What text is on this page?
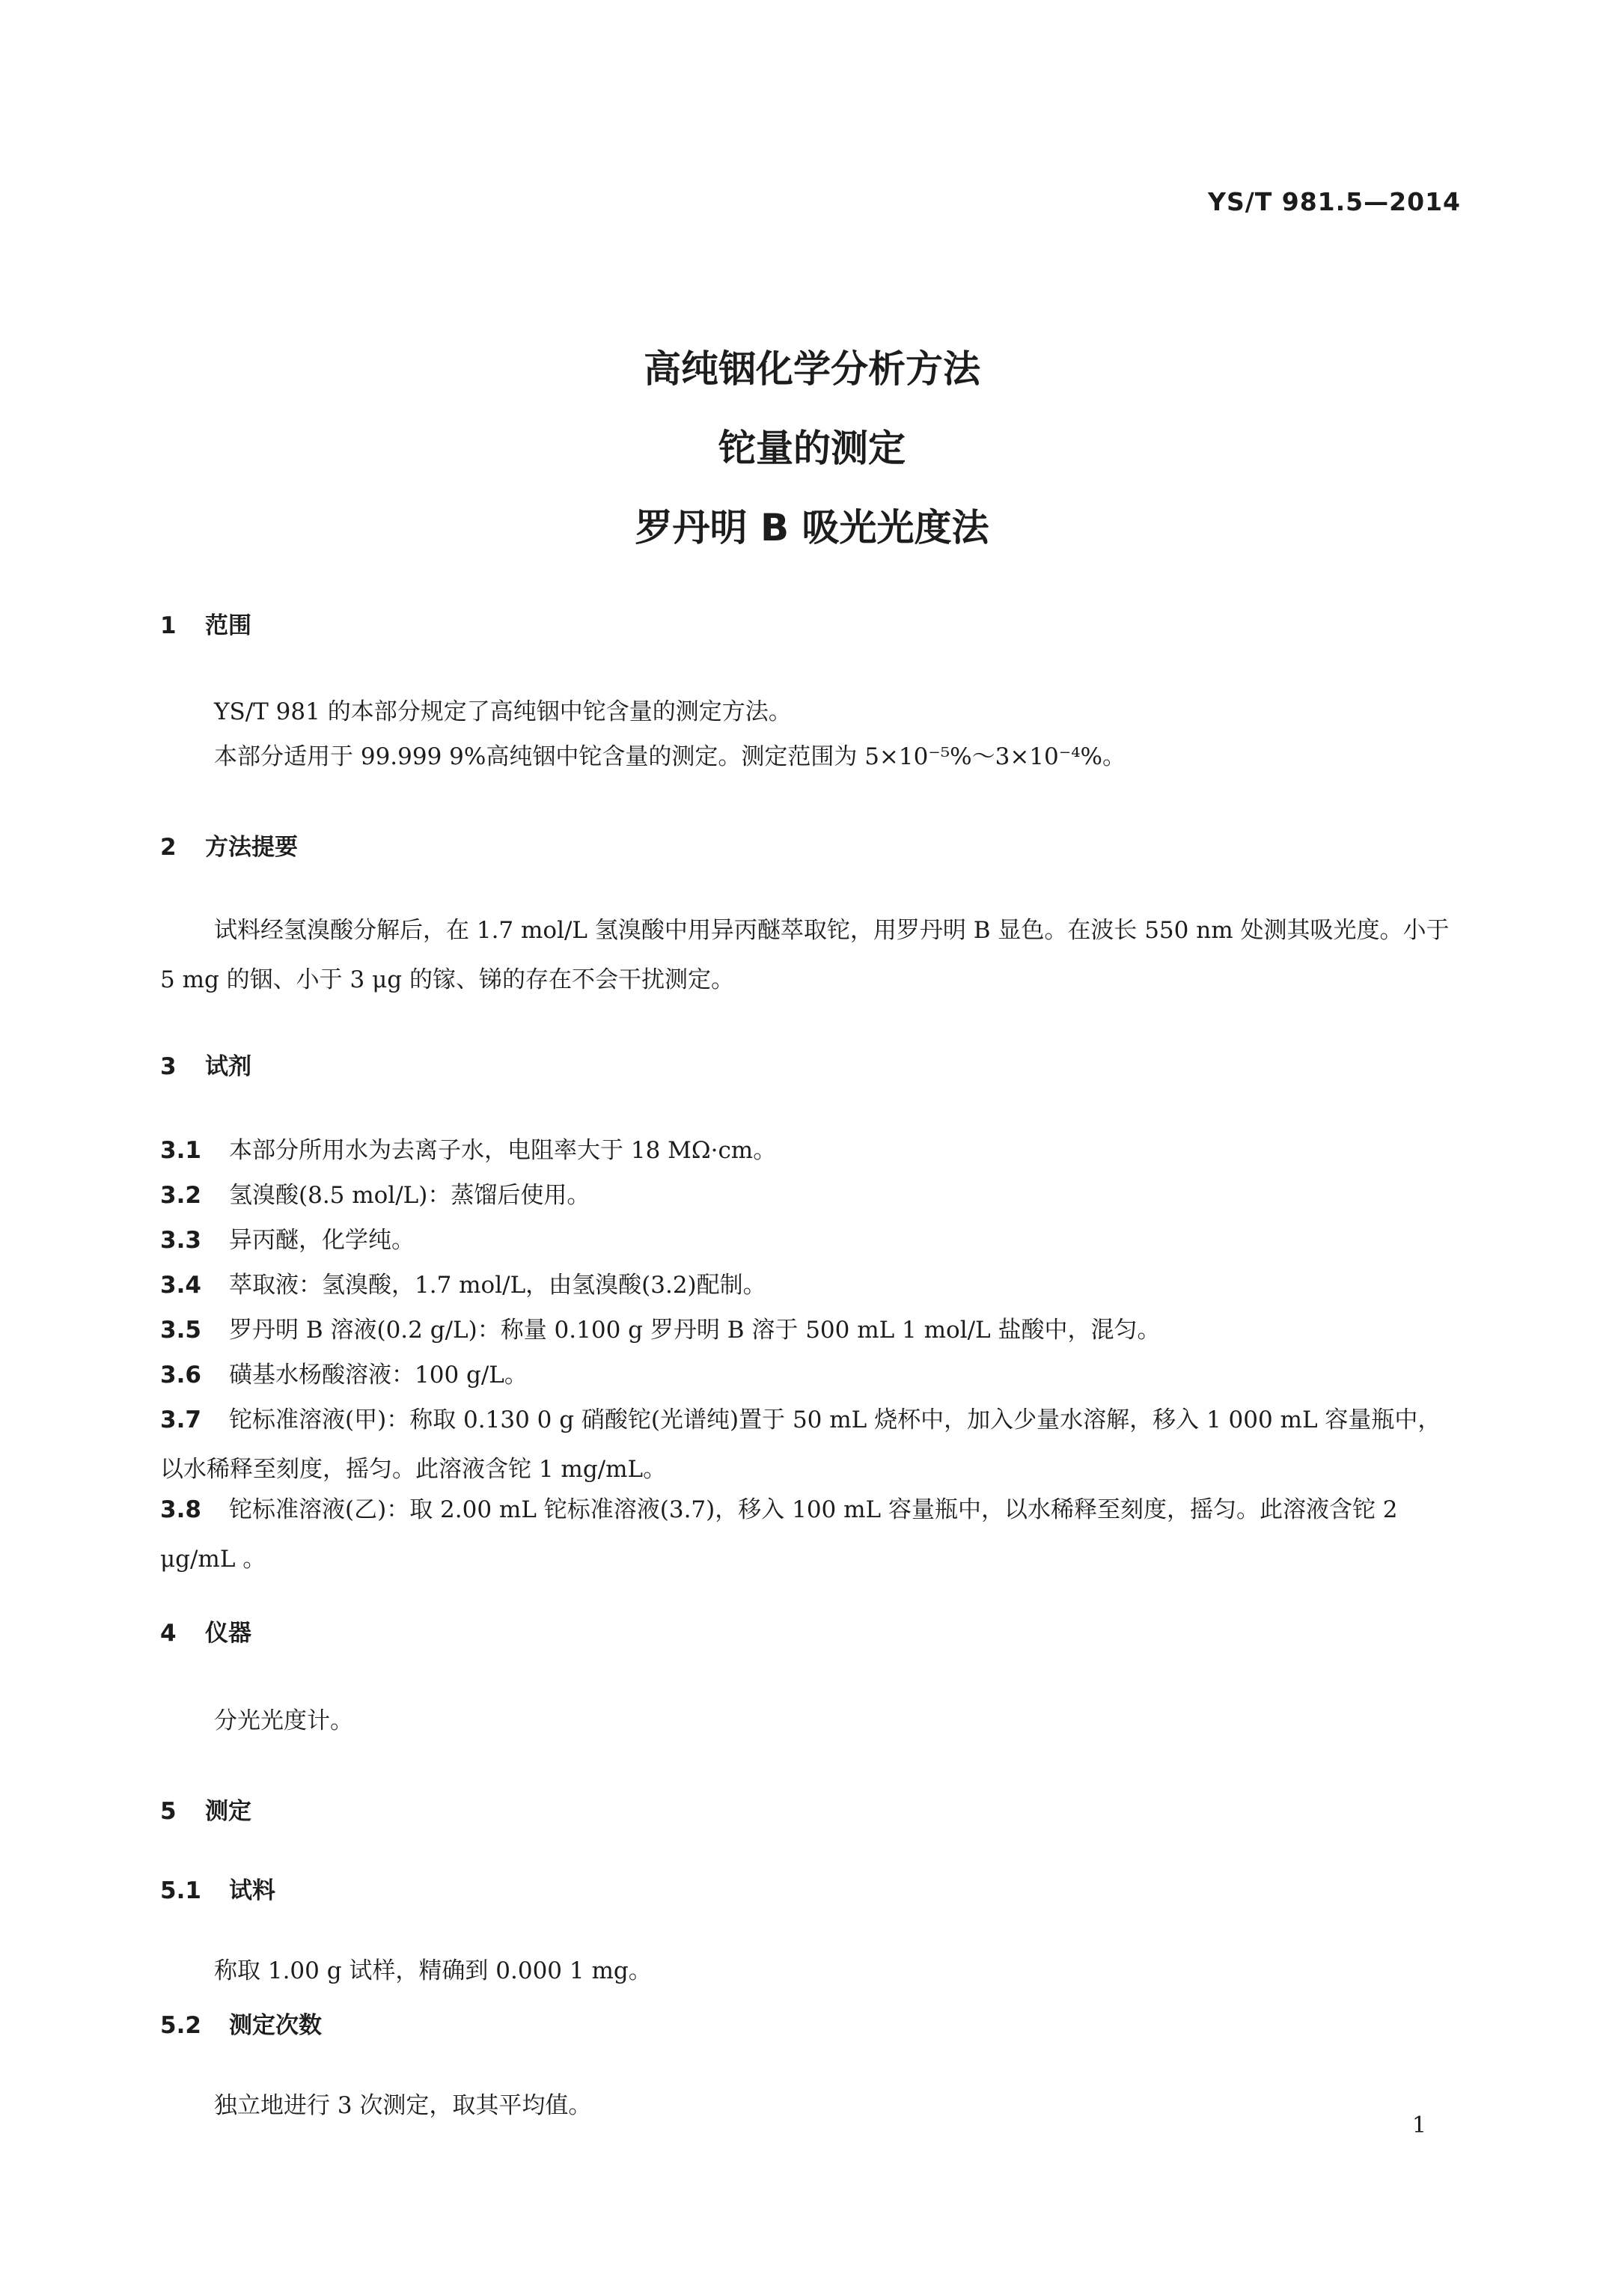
YS/T 981.5—2014
高纯铟化学分析方法
铊量的测定
罗丹明 B 吸光光度法
1 范围
YS/T 981 的本部分规定了高纯铟中铊含量的测定方法。
本部分适用于 99.999 9%高纯铟中铊含量的测定。测定范围为 5×10⁻⁵%～3×10⁻⁴%。
2 方法提要
试料经氢溴酸分解后，在 1.7 mol/L 氢溴酸中用异丙醚萃取铊，用罗丹明 B 显色。在波长 550 nm 处测其吸光度。小于 5 mg 的铟、小于 3 μg 的镓、锑的存在不会干扰测定。
3 试剂
3.1 本部分所用水为去离子水，电阻率大于 18 MΩ·cm。
3.2 氢溴酸(8.5 mol/L)：蒸馏后使用。
3.3 异丙醚，化学纯。
3.4 萃取液：氢溴酸，1.7 mol/L，由氢溴酸(3.2)配制。
3.5 罗丹明 B 溶液(0.2 g/L)：称量 0.100 g 罗丹明 B 溶于 500 mL 1 mol/L 盐酸中，混匀。
3.6 磺基水杨酸溶液：100 g/L。
3.7 铊标准溶液(甲)：称取 0.130 0 g 硝酸铊(光谱纯)置于 50 mL 烧杯中，加入少量水溶解，移入 1 000 mL 容量瓶中，以水稀释至刻度，摇匀。此溶液含铊 1 mg/mL。
3.8 铊标准溶液(乙)：取 2.00 mL 铊标准溶液(3.7)，移入 100 mL 容量瓶中，以水稀释至刻度，摇匀。此溶液含铊 2 μg/mL 。
4 仪器
分光光度计。
5 测定
5.1 试料
称取 1.00 g 试样，精确到 0.000 1 mg。
5.2 测定次数
独立地进行 3 次测定，取其平均值。
1
